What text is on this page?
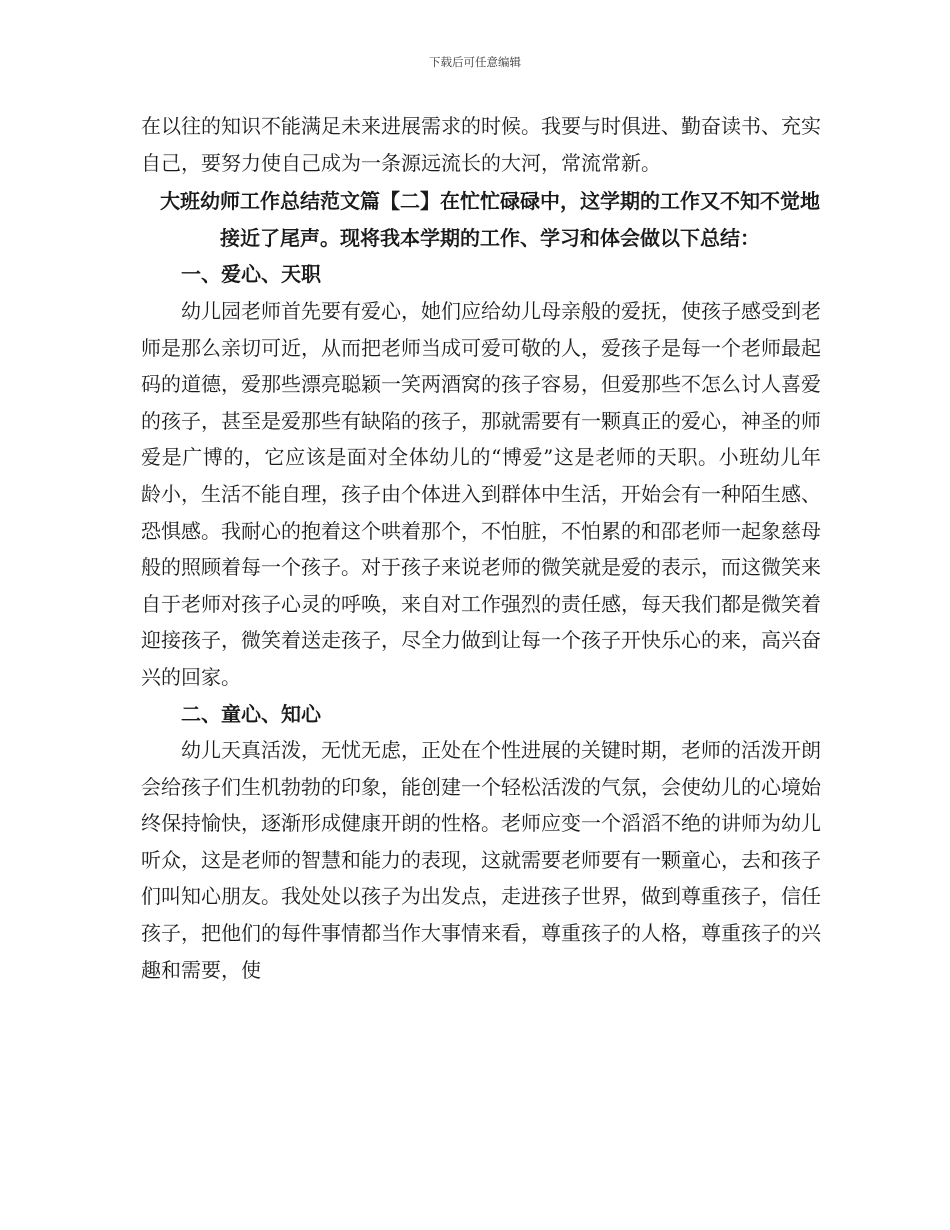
下载后可任意编辑

在以往的知识不能满足未来进展需求的时候。我要与时俱进、勤奋读书、充实自己，要努力使自己成为一条源远流长的大河，常流常新。

大班幼师工作总结范文篇【二】在忙忙碌碌中，这学期的工作又不知不觉地接近了尾声。现将我本学期的工作、学习和体会做以下总结：

一、爱心、天职

幼儿园老师首先要有爱心，她们应给幼儿母亲般的爱抚，使孩子感受到老师是那么亲切可近，从而把老师当成可爱可敬的人，爱孩子是每一个老师最起码的道德，爱那些漂亮聪颖一笑两酒窝的孩子容易，但爱那些不怎么讨人喜爱的孩子，甚至是爱那些有缺陷的孩子，那就需要有一颗真正的爱心，神圣的师爱是广博的，它应该是面对全体幼儿的“博爱”这是老师的天职。小班幼儿年龄小，生活不能自理，孩子由个体进入到群体中生活，开始会有一种陌生感、恐惧感。我耐心的抱着这个哄着那个，不怕脏，不怕累的和邵老师一起象慈母般的照顾着每一个孩子。对于孩子来说老师的微笑就是爱的表示，而这微笑来自于老师对孩子心灵的呼唤，来自对工作强烈的责任感，每天我们都是微笑着迎接孩子，微笑着送走孩子，尽全力做到让每一个孩子开快乐心的来，高兴奋兴的回家。

二、童心、知心

幼儿天真活泼，无忧无虑，正处在个性进展的关键时期，老师的活泼开朗会给孩子们生机勃勃的印象，能创建一个轻松活泼的气氛，会使幼儿的心境始终保持愉快，逐渐形成健康开朗的性格。老师应变一个滔滔不绝的讲师为幼儿听众，这是老师的智慧和能力的表现，这就需要老师要有一颗童心，去和孩子们叫知心朋友。我处处以孩子为出发点，走进孩子世界，做到尊重孩子，信任孩子，把他们的每件事情都当作大事情来看，尊重孩子的人格，尊重孩子的兴趣和需要，使
